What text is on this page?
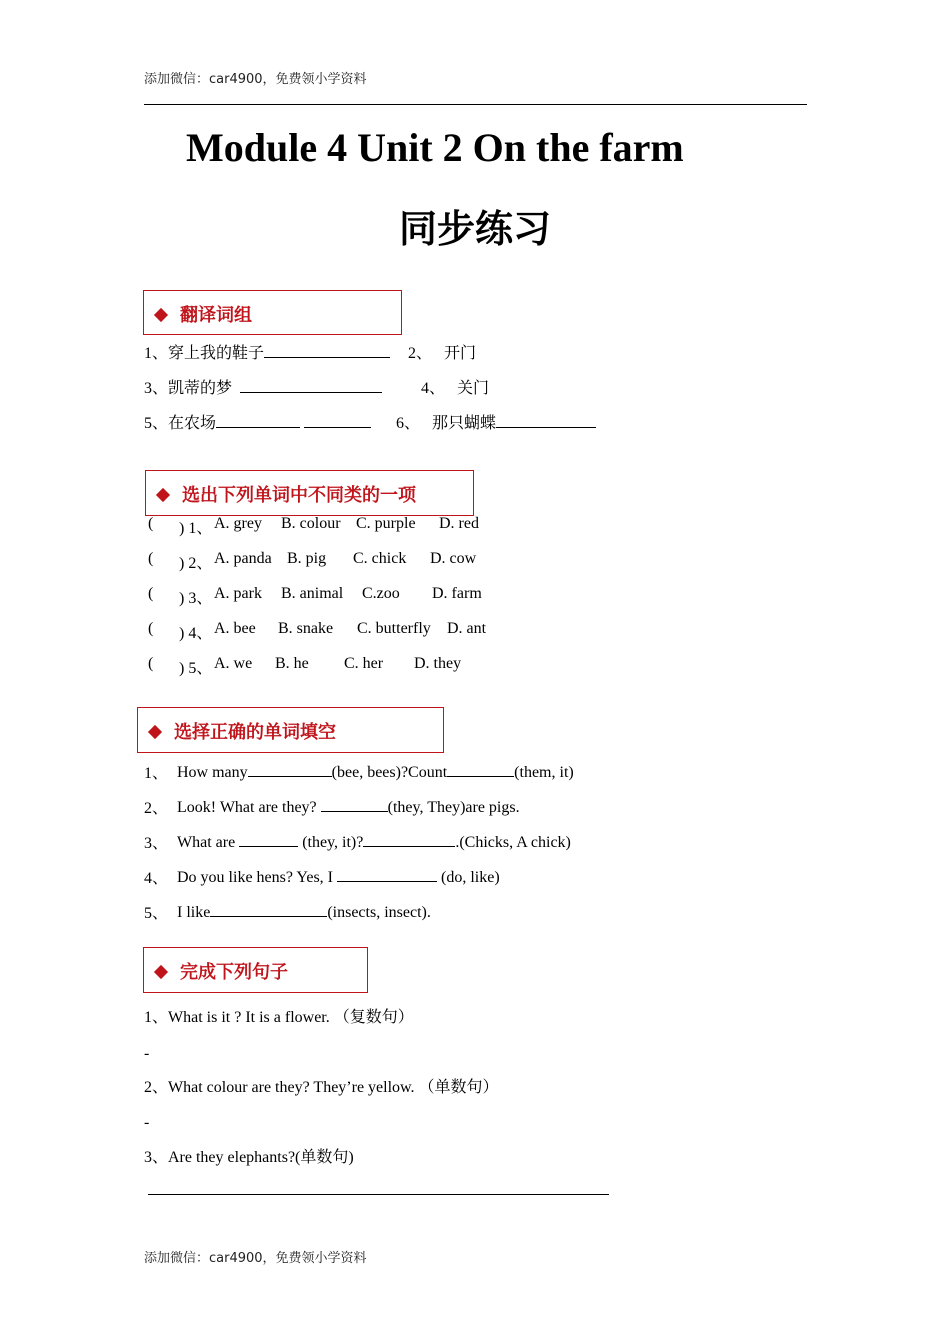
添加微信：car4900，免费领小学资料
Module 4 Unit 2 On the farm
同步练习
翻译词组
1、穿上我的鞋子	2、 开门
3、凯蒂的梦	4、 关门
5、在农场	6、 那只蝴蝶
选出下列单词中不同类的一项
( ) 1、 A. grey B. colour C. purple D. red
( ) 2、 A. panda B. pig C. chick D. cow
( ) 3、 A. park B. animal C.zoo D. farm
( ) 4、 A. bee B. snake C. butterfly D. ant
( ) 5、 A. we B. he C. her D. they
选择正确的单词填空
1、 How many	(bee, bees)?Count	(them, it)
2、 Look! What are they?	(they, They)are pigs.
3、 What are	(they, it)?	.(Chicks, A chick)
4、 Do you like hens? Yes, I	(do, like)
5、 I like	(insects, insect).
完成下列句子
1、What is it ? It is a flower. （复数句）
-
2、What colour are they? They’re yellow. （单数句）
-
3、Are they elephants?(单数句)
添加微信：car4900，免费领小学资料
